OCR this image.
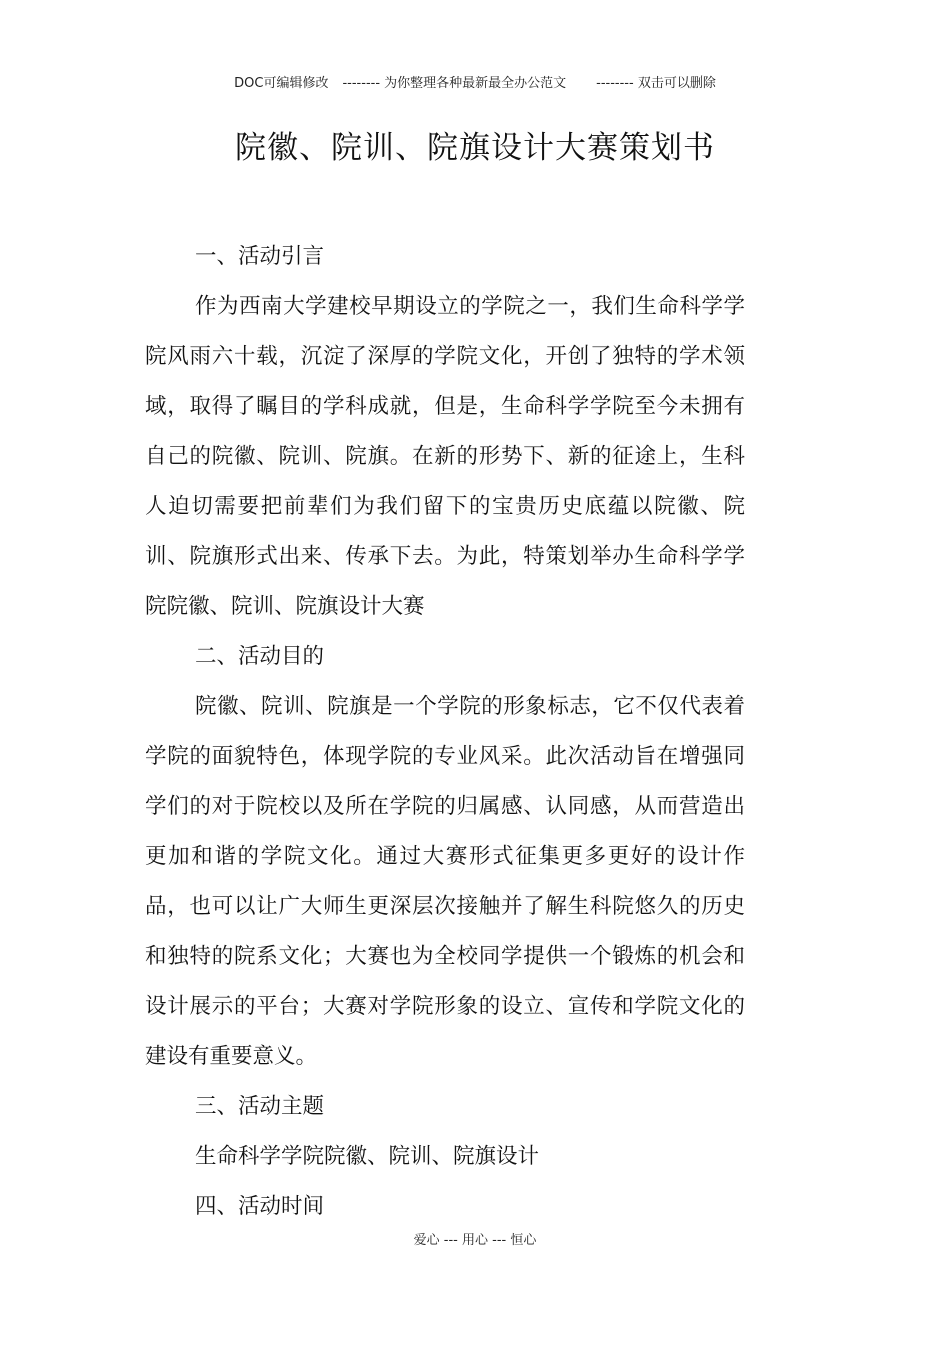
DOC可编辑修改 -------- 为你整理各种最新最全办公范文 -------- 双击可以删除
院徽、院训、院旗设计大赛策划书

一、活动引言

作为西南大学建校早期设立的学院之一，我们生命科学学院风雨六十载，沉淀了深厚的学院文化，开创了独特的学术领域，取得了瞩目的学科成就，但是，生命科学学院至今未拥有自己的院徽、院训、院旗。在新的形势下、新的征途上，生科人迫切需要把前辈们为我们留下的宝贵历史底蕴以院徽、院训、院旗形式出来、传承下去。为此，特策划举办生命科学学院院徽、院训、院旗设计大赛

二、活动目的

院徽、院训、院旗是一个学院的形象标志，它不仅代表着学院的面貌特色，体现学院的专业风采。此次活动旨在增强同学们的对于院校以及所在学院的归属感、认同感，从而营造出更加和谐的学院文化。通过大赛形式征集更多更好的设计作品，也可以让广大师生更深层次接触并了解生科院悠久的历史和独特的院系文化；大赛也为全校同学提供一个锻炼的机会和设计展示的平台；大赛对学院形象的设立、宣传和学院文化的建设有重要意义。

三、活动主题

生命科学学院院徽、院训、院旗设计

四、活动时间

爱心 --- 用心 --- 恒心
